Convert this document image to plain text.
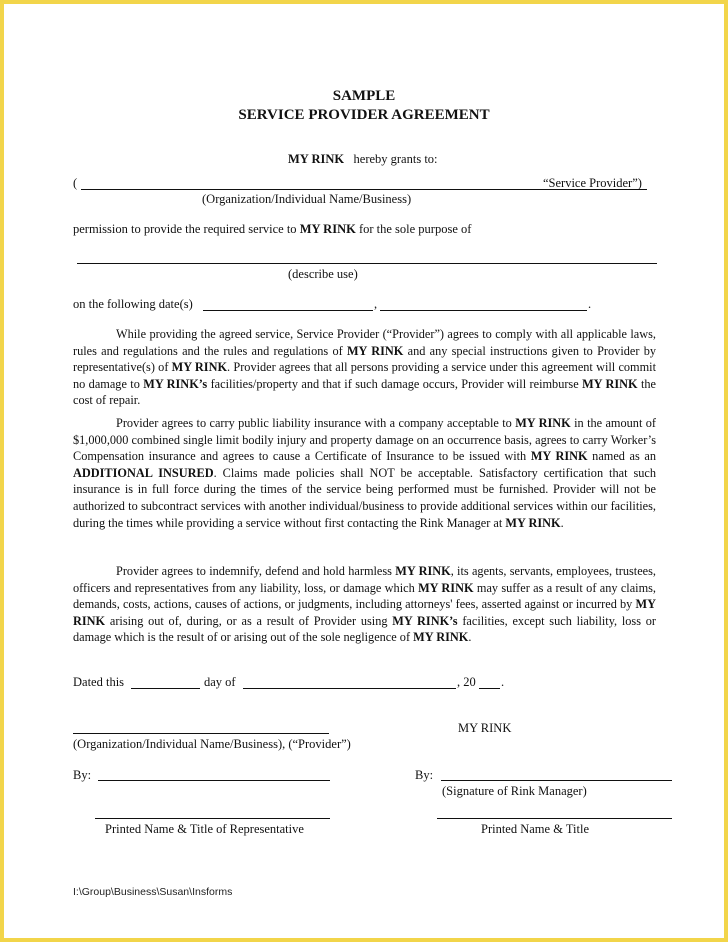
SAMPLE
SERVICE PROVIDER AGREEMENT
MY RINK hereby grants to:
(	“Service Provider”)
(Organization/Individual Name/Business)
permission to provide the required service to MY RINK for the sole purpose of
(describe use)
on the following date(s)	,	.
While providing the agreed service, Service Provider (“Provider”) agrees to comply with all applicable laws, rules and regulations and the rules and regulations of MY RINK and any special instructions given to Provider by representative(s) of MY RINK. Provider agrees that all persons providing a service under this agreement will commit no damage to MY RINK’s facilities/property and that if such damage occurs, Provider will reimburse MY RINK the cost of repair.
Provider agrees to carry public liability insurance with a company acceptable to MY RINK in the amount of $1,000,000 combined single limit bodily injury and property damage on an occurrence basis, agrees to carry Worker’s Compensation insurance and agrees to cause a Certificate of Insurance to be issued with MY RINK named as an ADDITIONAL INSURED. Claims made policies shall NOT be acceptable. Satisfactory certification that such insurance is in full force during the times of the service being performed must be furnished. Provider will not be authorized to subcontract services with another individual/business to provide additional services within our facilities, during the times while providing a service without first contacting the Rink Manager at MY RINK.
Provider agrees to indemnify, defend and hold harmless MY RINK, its agents, servants, employees, trustees, officers and representatives from any liability, loss, or damage which MY RINK may suffer as a result of any claims, demands, costs, actions, causes of actions, or judgments, including attorneys' fees, asserted against or incurred by MY RINK arising out of, during, or as a result of Provider using MY RINK’s facilities, except such liability, loss or damage which is the result of or arising out of the sole negligence of MY RINK.
Dated this	day of	, 20 .
(Organization/Individual Name/Business), (“Provider”)
MY RINK
By:	By:
(Signature of Rink Manager)
Printed Name & Title of Representative	Printed Name & Title
I:\Group\Business\Susan\Insforms
